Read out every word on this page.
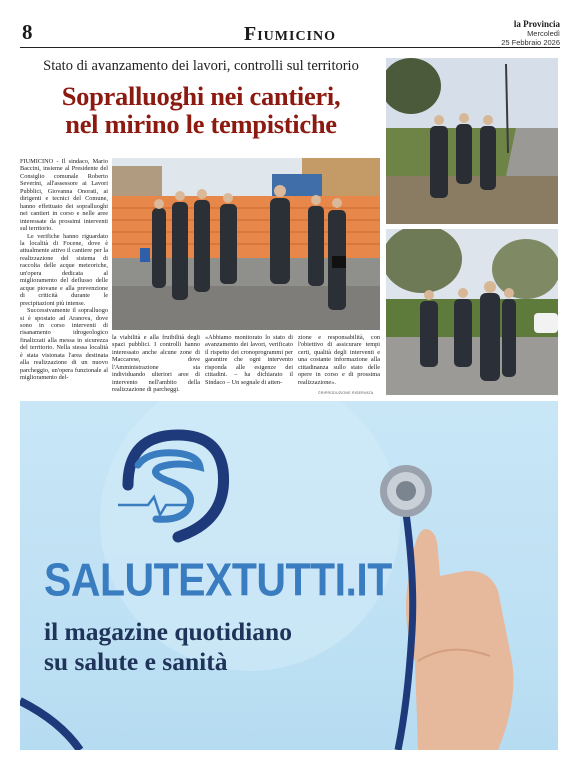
8	Fiumicino	la Provincia
Mercoledì
25 Febbraio 2026
Stato di avanzamento dei lavori, controlli sul territorio
Sopralluoghi nei cantieri,
nel mirino le tempistiche

FIUMICINO - Il sindaco, Mario Baccini, insieme al Presidente del Consiglio comunale Roberto Severini, all'assessore ai Lavori Pubblici, Giovanna Onorati, ai dirigenti e tecnici del Comune, hanno effettuato dei sopralluoghi nei cantieri in corso e nelle aree interessate da prossimi interventi sul territorio.

Le verifiche hanno riguardato la località di Focene, dove è attualmente attivo il cantiere per la realizzazione del sistema di raccolta delle acque meteoriche, un'opera dedicata al miglioramento del deflusso delle acque piovane e alla prevenzione di criticità durante le precipitazioni più intense.

Successivamente il sopralluogo si è spostato ad Aranova, dove sono in corso interventi di risanamento idrogeologico finalizzati alla messa in sicurezza del territorio. Nella stessa località è stata visionata l'area destinata alla realizzazione di un nuovo parcheggio, un'opera funzionale al miglioramento del-

la viabilità e alla fruibilità degli spazi pubblici. I controlli hanno interessato anche alcune zone di Maccarese, dove l'Amministrazione sta individuando ulteriori aree di intervento nell'ambito della realizzazione di parcheggi.
«Abbiamo monitorato lo stato di avanzamento dei lavori, verificato il rispetto dei cronoprogrammi per garantire che ogni intervento risponda alle esigenze dei cittadini. – ha dichiarato il Sindaco – Un segnale di atten-
zione e responsabilità, con l'obiettivo di assicurare tempi certi, qualità degli interventi e una costante informazione alla cittadinanza sullo stato delle opere in corso e di prossima realizzazione».
©RIPRODUZIONE RISERVATA
SALUTEXTUTTI.IT
il magazine quotidiano
su salute e sanità
